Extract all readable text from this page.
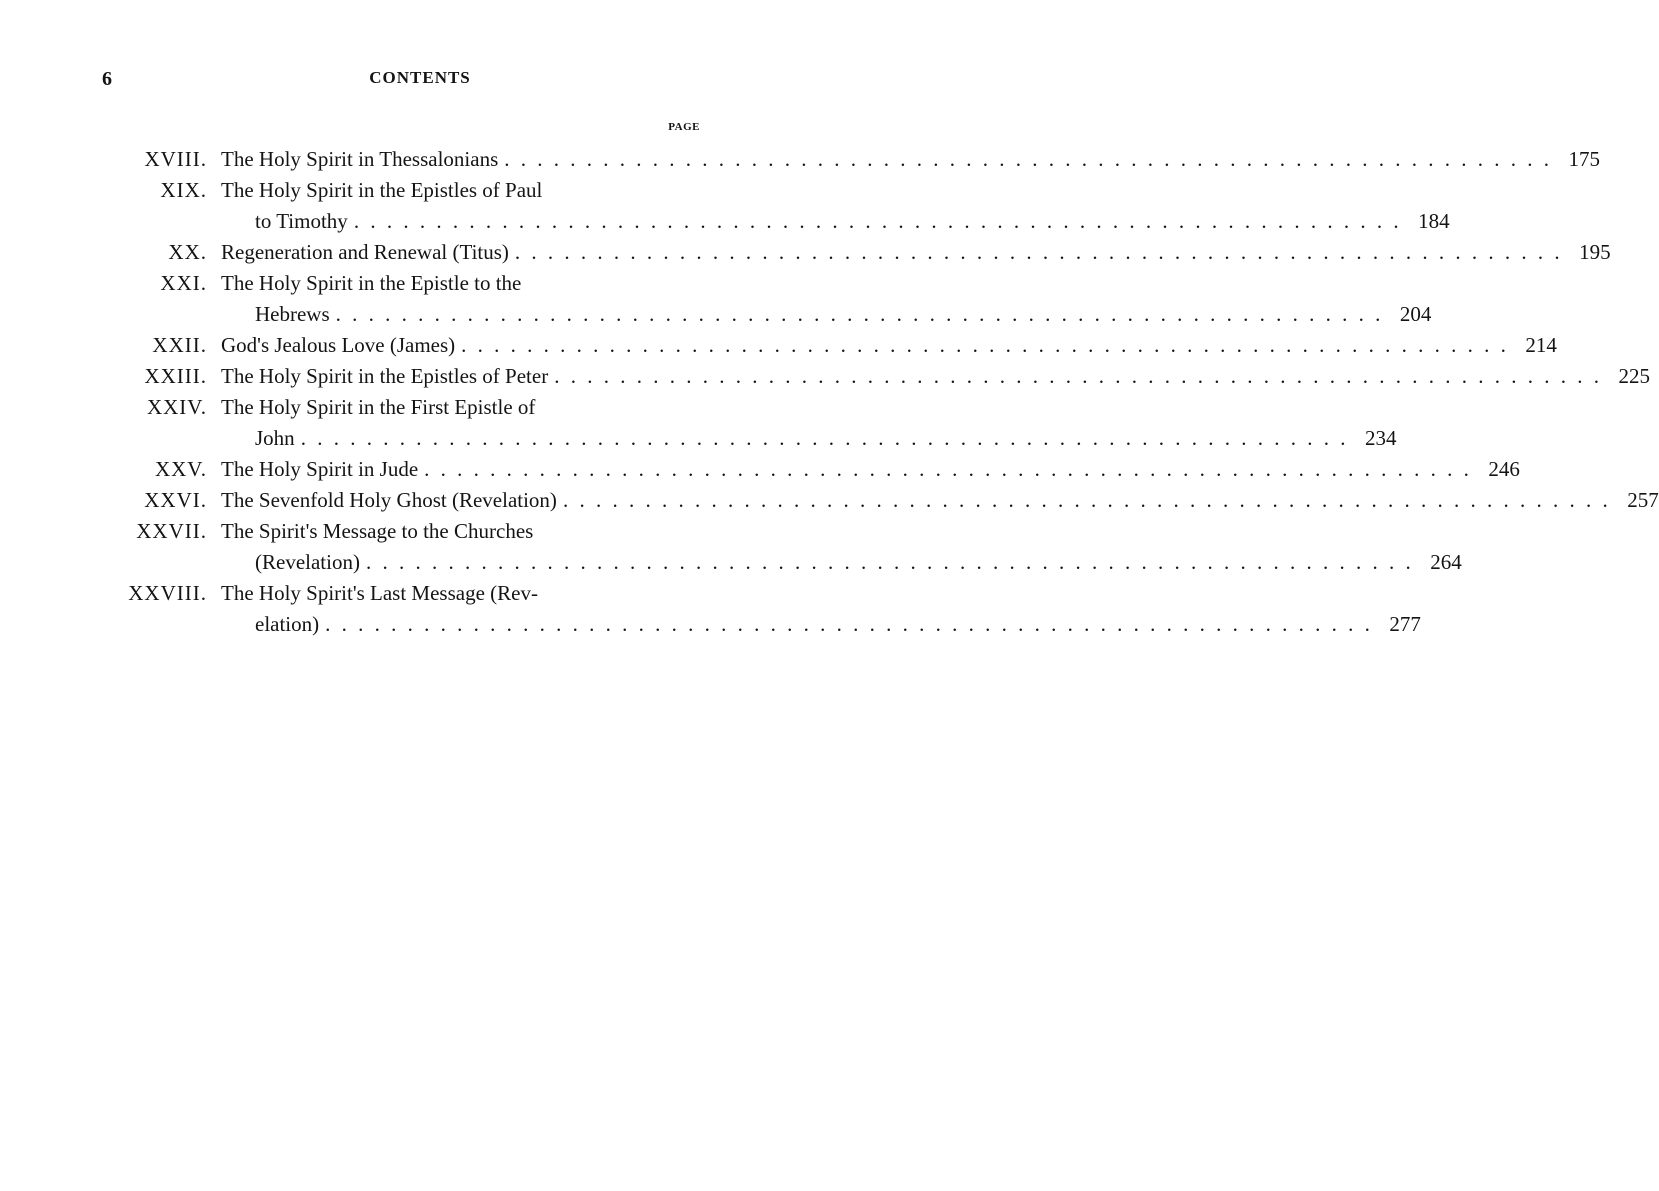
6	CONTENTS
PAGE
XVIII. The Holy Spirit in Thessalonians . . .	175
XIX. The Holy Spirit in the Epistles of Paul
to Timothy . . .	184
XX. Regeneration and Renewal (Titus) . . .	195
XXI. The Holy Spirit in the Epistle to the
Hebrews . . .	204
XXII. God's Jealous Love (James) . . .	214
XXIII. The Holy Spirit in the Epistles of Peter . . .	225
XXIV. The Holy Spirit in the First Epistle of
John . . .	234
XXV. The Holy Spirit in Jude . . .	246
XXVI. The Sevenfold Holy Ghost (Revelation) . . .	257
XXVII. The Spirit's Message to the Churches
(Revelation) . . .	264
XXVIII. The Holy Spirit's Last Message (Rev-
elation) . . .	277
